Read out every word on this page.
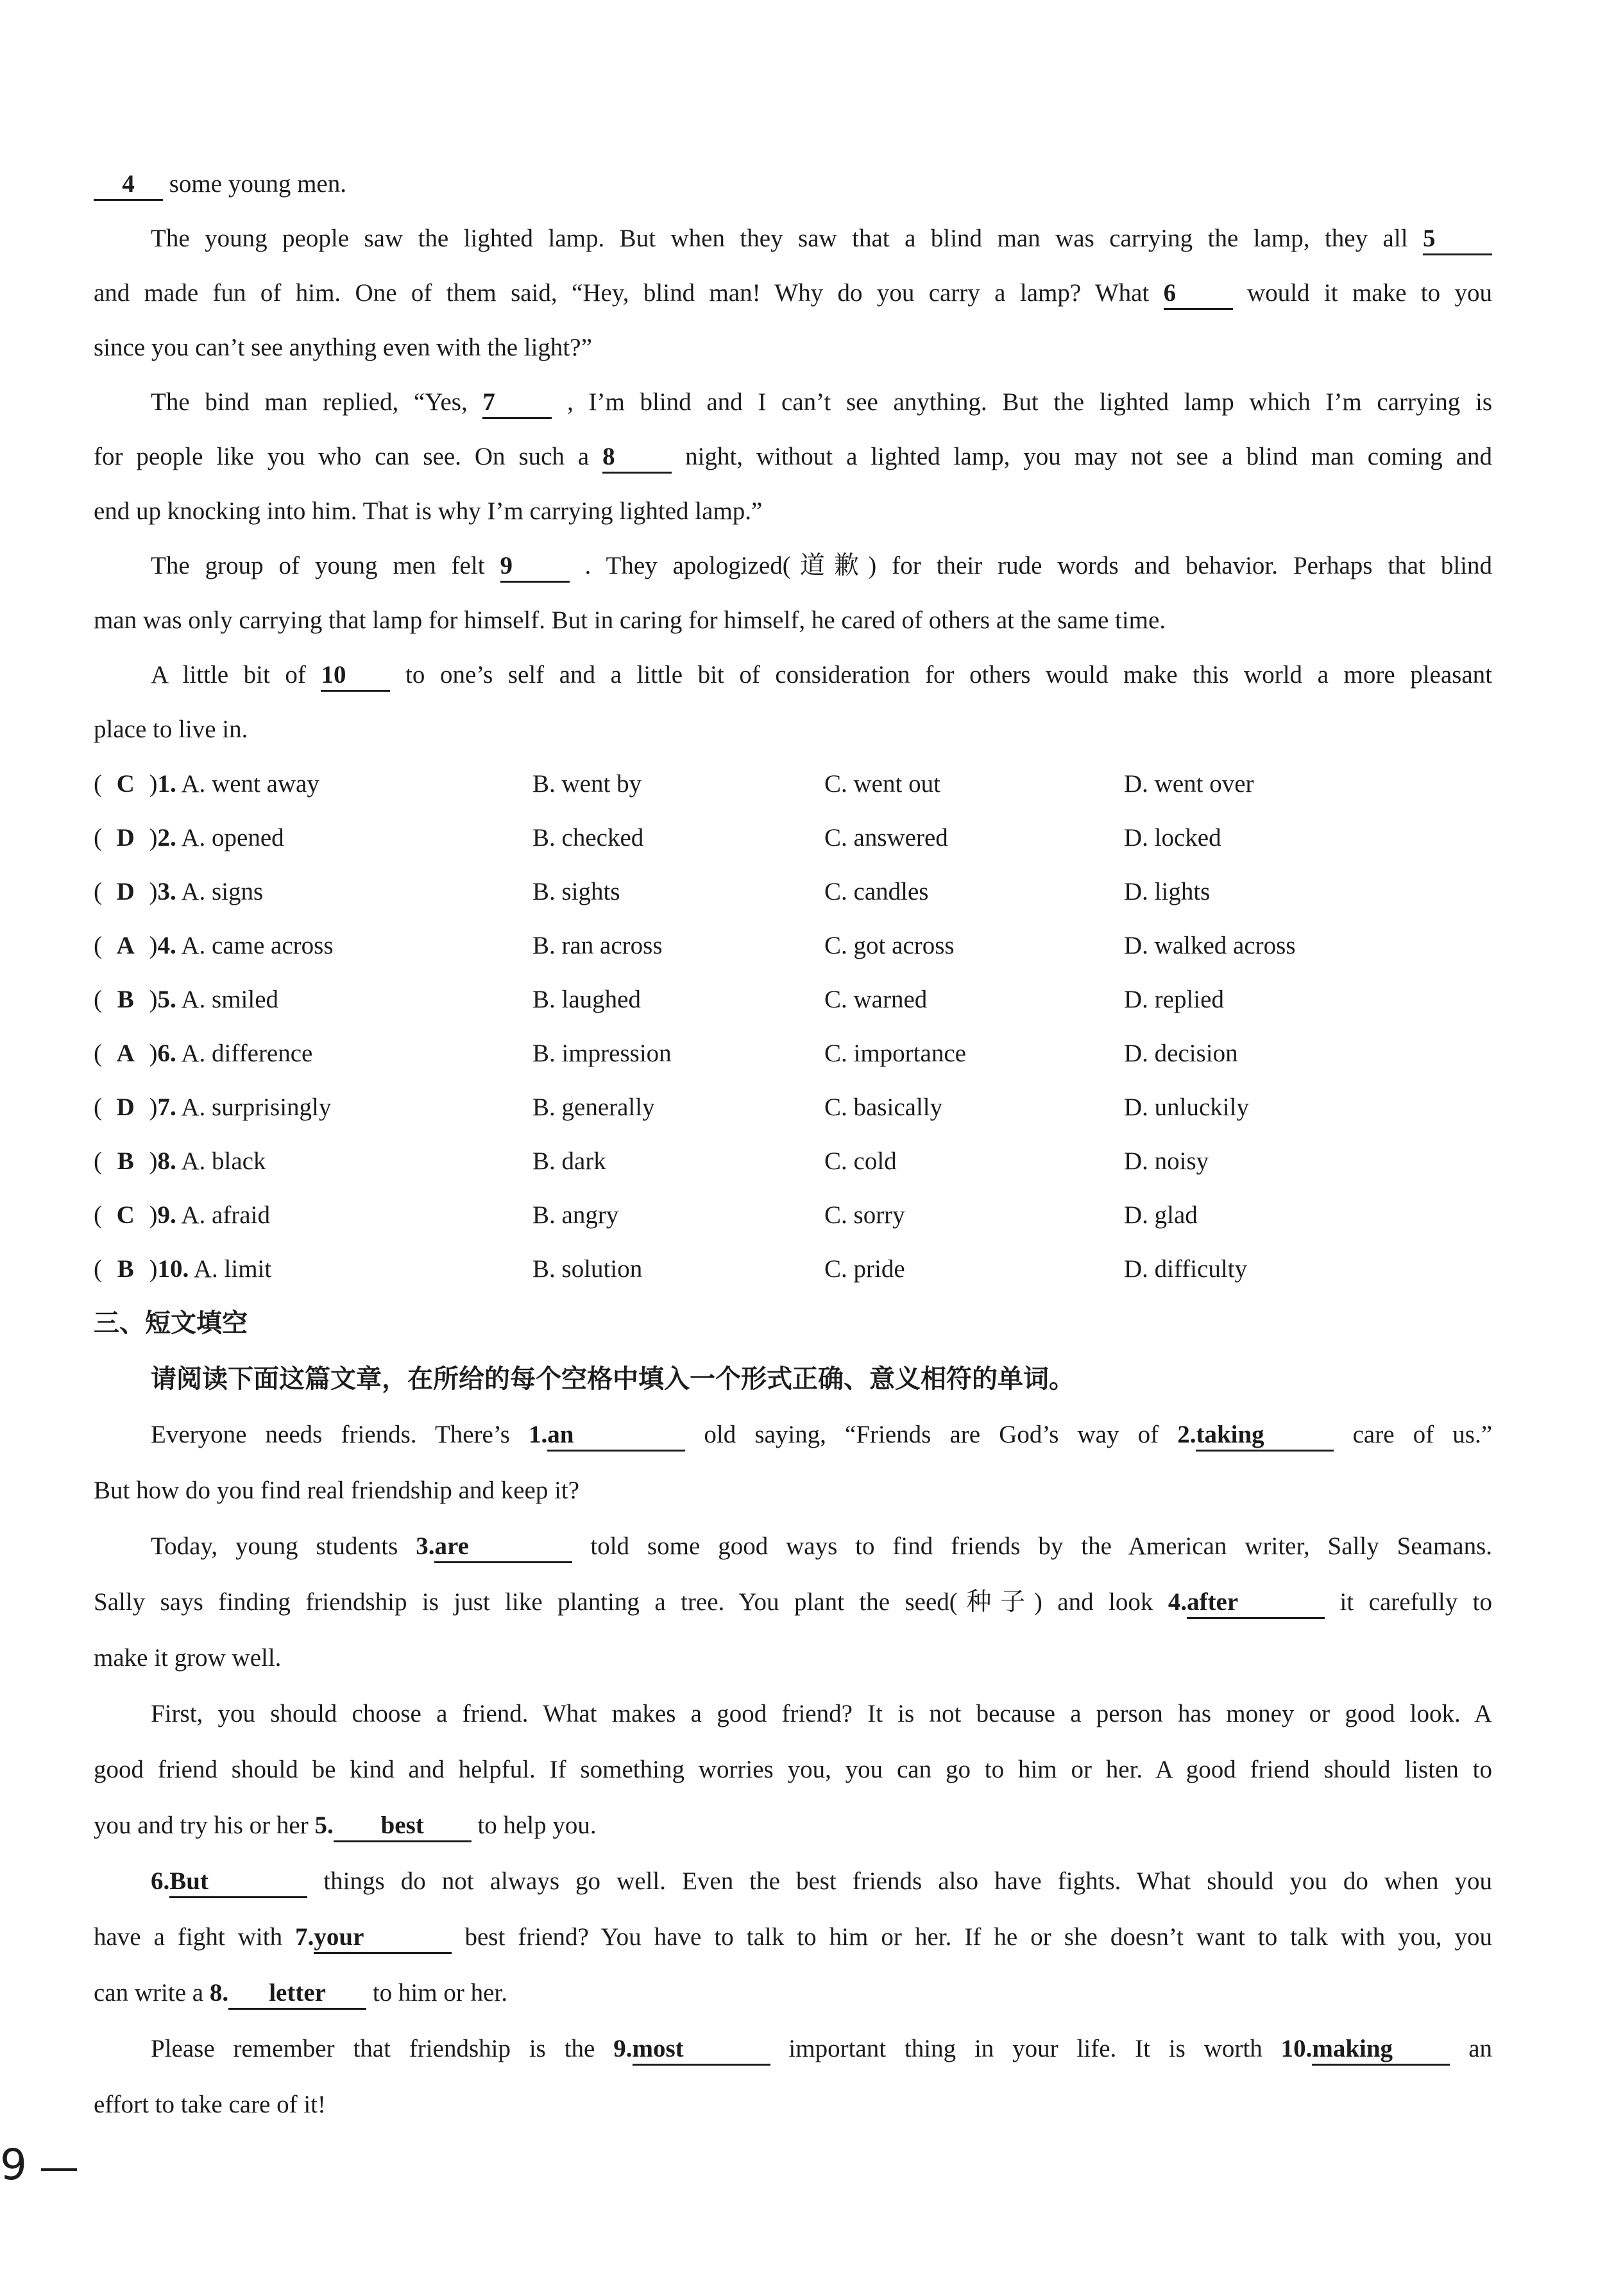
4 some young men.
The young people saw the lighted lamp. But when they saw that a blind man was carrying the lamp, they all 5
and made fun of him. One of them said, “Hey, blind man! Why do you carry a lamp? What 6	would it make to you
since you can’t see anything even with the light?”
The bind man replied, “Yes, 7	, I’m blind and I can’t see anything. But the lighted lamp which I’m carrying is
for people like you who can see. On such a 8	night, without a lighted lamp, you may not see a blind man coming and
end up knocking into him. That is why I’m carrying lighted lamp.”
The group of young men felt 9	. They apologized(道歉) for their rude words and behavior. Perhaps that blind
man was only carrying that lamp for himself. But in caring for himself, he cared of others at the same time.
A little bit of 10 to one’s self and a little bit of consideration for others would make this world a more pleasant
place to live in.
( C )1. A. went away	B. went by	C. went out	D. went over
( D )2. A. opened	B. checked	C. answered	D. locked
( D )3. A. signs	B. sights	C. candles	D. lights
( A )4. A. came across	B. ran across	C. got across	D. walked across
( B )5. A. smiled	B. laughed	C. warned	D. replied
( A )6. A. difference	B. impression	C. importance	D. decision
( D )7. A. surprisingly	B. generally	C. basically	D. unluckily
( B )8. A. black	B. dark	C. cold	D. noisy
( C )9. A. afraid	B. angry	C. sorry	D. glad
( B )10. A. limit	B. solution	C. pride	D. difficulty
三、短文填空
请阅读下面这篇文章，在所给的每个空格中填入一个形式正确、意义相符的单词。
Everyone needs friends. There’s 1.an	old saying, “Friends are God’s way of 2.taking	care of us.”
But how do you find real friendship and keep it?
Today, young students 3.are	told some good ways to find friends by the American writer, Sally Seamans.
Sally says finding friendship is just like planting a tree. You plant the seed(种子) and look 4.after	it carefully to
make it grow well.
First, you should choose a friend. What makes a good friend? It is not because a person has money or good look. A
good friend should be kind and helpful. If something worries you, you can go to him or her. A good friend should listen to
you and try his or her 5. best to help you.
6.But	things do not always go well. Even the best friends also have fights. What should you do when you
have a fight with 7.your	best friend? You have to talk to him or her. If he or she doesn’t want to talk with you, you
can write a 8. letter to him or her.
Please remember that friendship is the 9.most	important thing in your life. It is worth 10.making	an
effort to take care of it!
9
